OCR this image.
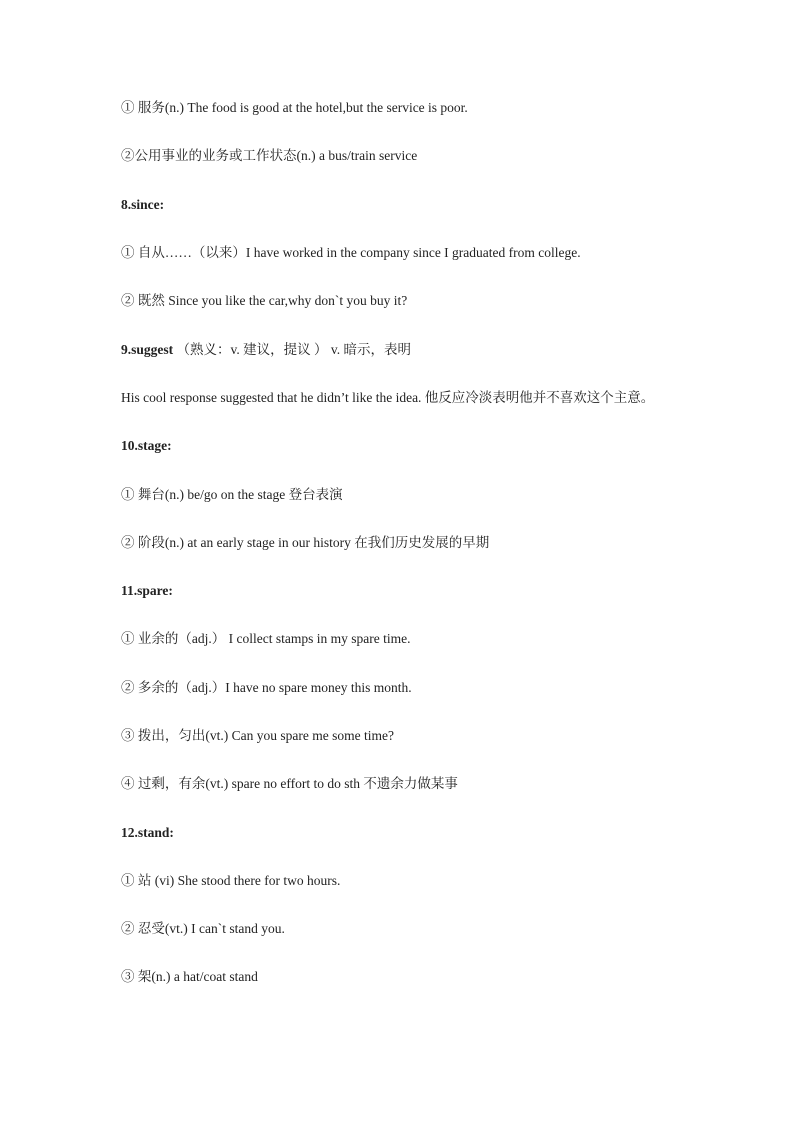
① 服务(n.) The food is good at the hotel,but the service is poor.
②公用事业的业务或工作状态(n.) a bus/train service
8.since:
① 自从……（以来）I have worked in the company since I graduated from college.
② 既然 Since you like the car,why don`t you buy it?
9.suggest （熟义：v. 建议，提议 ） v. 暗示，表明
His cool response suggested that he didn’t like the idea. 他反应冷淡表明他并不喜欢这个主意。
10.stage:
① 舞台(n.) be/go on the stage 登台表演
② 阶段(n.) at an early stage in our history 在我们历史发展的早期
11.spare:
① 业余的（adj.） I collect stamps in my spare time.
② 多余的（adj.）I have no spare money this month.
③ 拨出，匀出(vt.) Can you spare me some time?
④ 过剩，有余(vt.) spare no effort to do sth 不遗余力做某事
12.stand:
① 站 (vi) She stood there for two hours.
② 忍受(vt.) I can`t stand you.
③ 架(n.) a hat/coat stand
